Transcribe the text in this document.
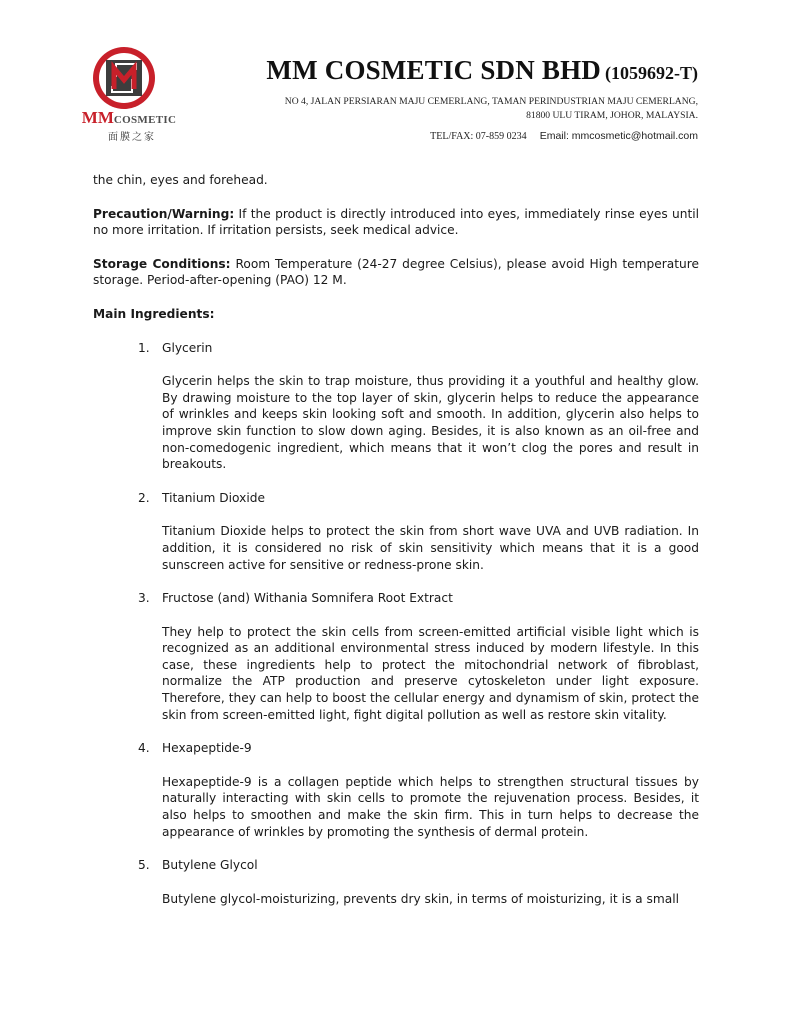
MMCOSMETIC
面膜之家
MM COSMETIC SDN BHD (1059692-T)
NO 4, JALAN PERSIARAN MAJU CEMERLANG, TAMAN PERINDUSTRIAN MAJU CEMERLANG,
81800 ULU TIRAM, JOHOR, MALAYSIA.
TEL/FAX: 07-859 0234 Email: mmcosmetic@hotmail.com

the chin, eyes and forehead.

Precaution/Warning: If the product is directly introduced into eyes, immediately rinse eyes until no more irritation. If irritation persists, seek medical advice.

Storage Conditions: Room Temperature (24-27 degree Celsius), please avoid High temperature storage. Period-after-opening (PAO) 12 M.

Main Ingredients:

1. Glycerin
Glycerin helps the skin to trap moisture, thus providing it a youthful and healthy glow. By drawing moisture to the top layer of skin, glycerin helps to reduce the appearance of wrinkles and keeps skin looking soft and smooth. In addition, glycerin also helps to improve skin function to slow down aging. Besides, it is also known as an oil-free and non-comedogenic ingredient, which means that it won’t clog the pores and result in breakouts.
2. Titanium Dioxide
Titanium Dioxide helps to protect the skin from short wave UVA and UVB radiation. In addition, it is considered no risk of skin sensitivity which means that it is a good sunscreen active for sensitive or redness-prone skin.
3. Fructose (and) Withania Somnifera Root Extract
They help to protect the skin cells from screen-emitted artificial visible light which is recognized as an additional environmental stress induced by modern lifestyle. In this case, these ingredients help to protect the mitochondrial network of fibroblast, normalize the ATP production and preserve cytoskeleton under light exposure. Therefore, they can help to boost the cellular energy and dynamism of skin, protect the skin from screen-emitted light, fight digital pollution as well as restore skin vitality.
4. Hexapeptide-9
Hexapeptide-9 is a collagen peptide which helps to strengthen structural tissues by naturally interacting with skin cells to promote the rejuvenation process. Besides, it also helps to smoothen and make the skin firm. This in turn helps to decrease the appearance of wrinkles by promoting the synthesis of dermal protein.
5. Butylene Glycol
Butylene glycol-moisturizing, prevents dry skin, in terms of moisturizing, it is a small
